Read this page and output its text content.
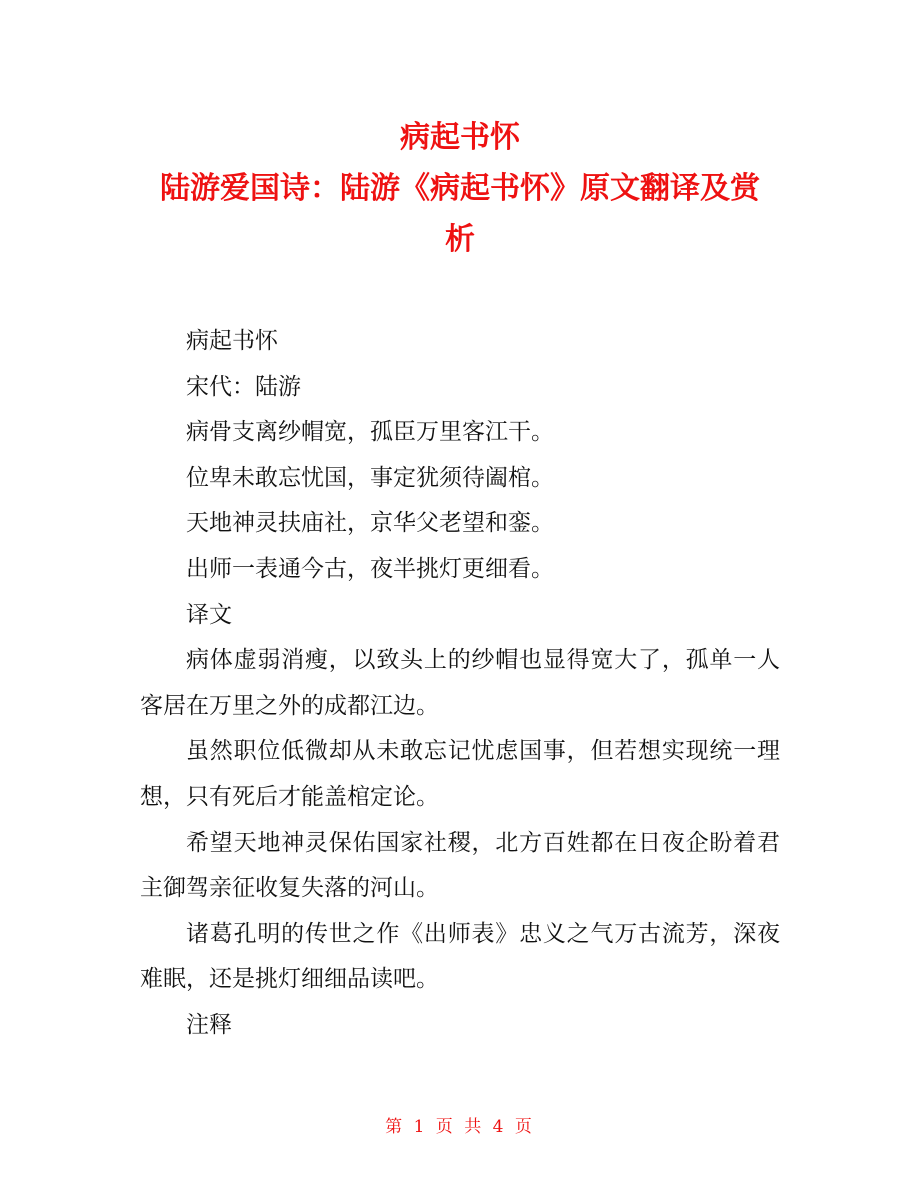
病起书怀
陆游爱国诗：陆游《病起书怀》原文翻译及赏
析

病起书怀

宋代：陆游

病骨支离纱帽宽，孤臣万里客江干。

位卑未敢忘忧国，事定犹须待阖棺。

天地神灵扶庙社，京华父老望和銮。

出师一表通今古，夜半挑灯更细看。

译文

病体虚弱消瘦，以致头上的纱帽也显得宽大了，孤单一人客居在万里之外的成都江边。

虽然职位低微却从未敢忘记忧虑国事，但若想实现统一理想，只有死后才能盖棺定论。

希望天地神灵保佑国家社稷，北方百姓都在日夜企盼着君主御驾亲征收复失落的河山。

诸葛孔明的传世之作《出师表》忠义之气万古流芳，深夜难眠，还是挑灯细细品读吧。

注释

第 1 页 共 4 页
